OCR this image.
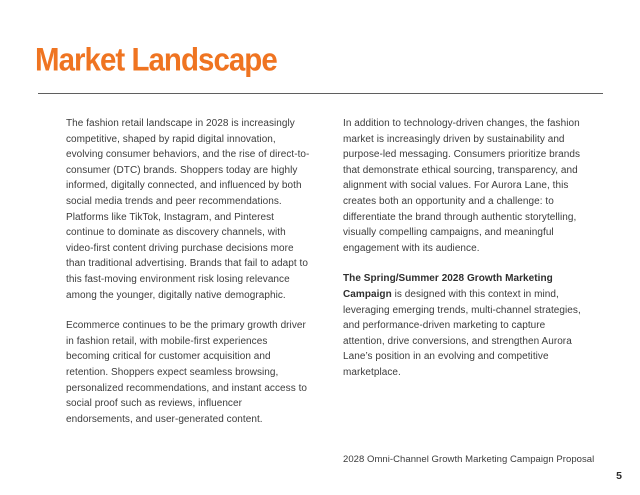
Market Landscape

The fashion retail landscape in 2028 is increasingly competitive, shaped by rapid digital innovation, evolving consumer behaviors, and the rise of direct-to-consumer (DTC) brands. Shoppers today are highly informed, digitally connected, and influenced by both social media trends and peer recommendations. Platforms like TikTok, Instagram, and Pinterest continue to dominate as discovery channels, with video-first content driving purchase decisions more than traditional advertising. Brands that fail to adapt to this fast-moving environment risk losing relevance among the younger, digitally native demographic.

Ecommerce continues to be the primary growth driver in fashion retail, with mobile-first experiences becoming critical for customer acquisition and retention. Shoppers expect seamless browsing, personalized recommendations, and instant access to social proof such as reviews, influencer endorsements, and user-generated content.

In addition to technology-driven changes, the fashion market is increasingly driven by sustainability and purpose-led messaging. Consumers prioritize brands that demonstrate ethical sourcing, transparency, and alignment with social values. For Aurora Lane, this creates both an opportunity and a challenge: to differentiate the brand through authentic storytelling, visually compelling campaigns, and meaningful engagement with its audience.

The Spring/Summer 2028 Growth Marketing Campaign is designed with this context in mind, leveraging emerging trends, multi-channel strategies, and performance-driven marketing to capture attention, drive conversions, and strengthen Aurora Lane’s position in an evolving and competitive marketplace.

2028 Omni-Channel Growth Marketing Campaign Proposal
5
